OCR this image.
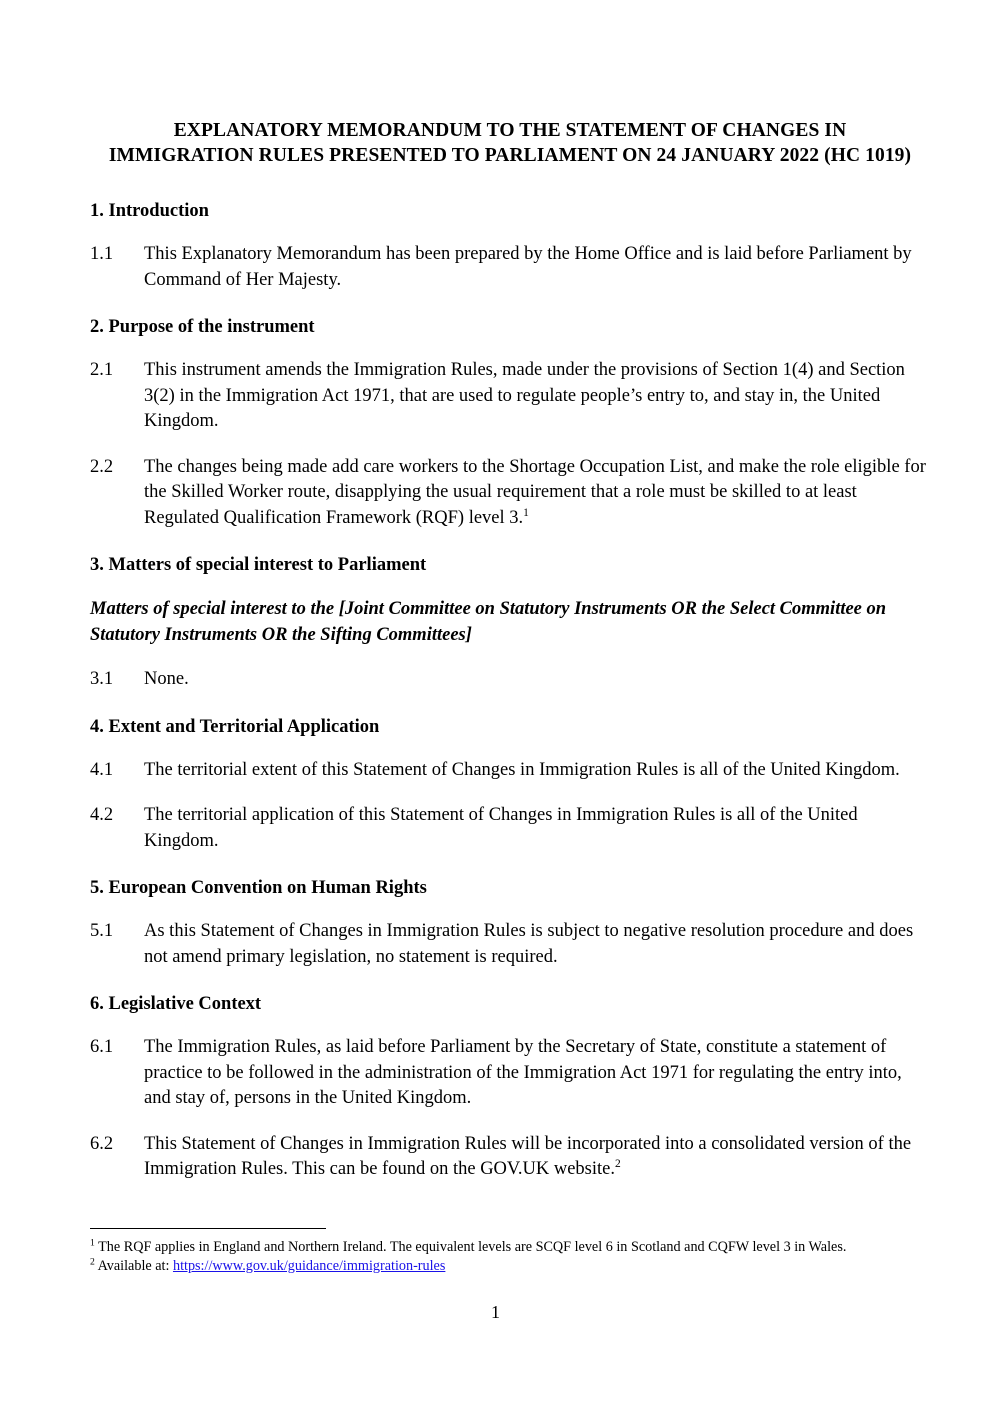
EXPLANATORY MEMORANDUM TO THE STATEMENT OF CHANGES IN
IMMIGRATION RULES PRESENTED TO PARLIAMENT ON 24 JANUARY 2022 (HC 1019)
1. Introduction
1.1	This Explanatory Memorandum has been prepared by the Home Office and is laid before Parliament by Command of Her Majesty.
2. Purpose of the instrument
2.1	This instrument amends the Immigration Rules, made under the provisions of Section 1(4) and Section 3(2) in the Immigration Act 1971, that are used to regulate people’s entry to, and stay in, the United Kingdom.
2.2	The changes being made add care workers to the Shortage Occupation List, and make the role eligible for the Skilled Worker route, disapplying the usual requirement that a role must be skilled to at least Regulated Qualification Framework (RQF) level 3.$^1$
3. Matters of special interest to Parliament

Matters of special interest to the [Joint Committee on Statutory Instruments OR the Select Committee on Statutory Instruments OR the Sifting Committees]

3.1	None.
4. Extent and Territorial Application
4.1	The territorial extent of this Statement of Changes in Immigration Rules is all of the United Kingdom.
4.2	The territorial application of this Statement of Changes in Immigration Rules is all of the United Kingdom.
5. European Convention on Human Rights
5.1	As this Statement of Changes in Immigration Rules is subject to negative resolution procedure and does not amend primary legislation, no statement is required.
6. Legislative Context
6.1	The Immigration Rules, as laid before Parliament by the Secretary of State, constitute a statement of practice to be followed in the administration of the Immigration Act 1971 for regulating the entry into, and stay of, persons in the United Kingdom.
6.2	This Statement of Changes in Immigration Rules will be incorporated into a consolidated version of the Immigration Rules. This can be found on the GOV.UK website.$^2$

$^1$ The RQF applies in England and Northern Ireland. The equivalent levels are SCQF level 6 in Scotland and CQFW level 3 in Wales.

$^2$ Available at: https://www.gov.uk/guidance/immigration-rules

1
